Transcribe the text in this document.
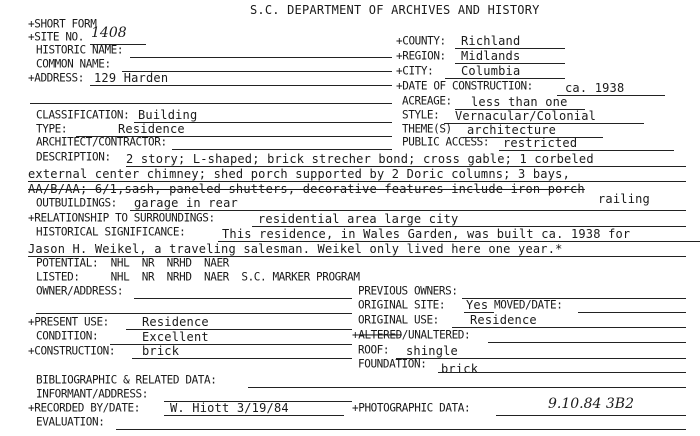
S.C. DEPARTMENT OF ARCHIVES AND HISTORY
+SHORT FORM
+SITE NO. 1408
HISTORIC NAME:
COMMON NAME:
+ADDRESS: 129 Harden
+COUNTY: Richland
+REGION: Midlands
+CITY: Columbia
+DATE OF CONSTRUCTION:	ca. 1938
ACREAGE: less than one
CLASSIFICATION: Building	STYLE: Vernacular/Colonial
TYPE:	Residence	THEME(S) architecture
ARCHITECT/CONTRACTOR:	PUBLIC ACCESS: restricted
DESCRIPTION: 2 story; L-shaped; brick strecher bond; cross gable; 1 corbeled
external center chimney; shed porch supported by 2 Doric columns; 3 bays,
AA/B/AA; 6/1,sash, paneled shutters, decorative features include iron porch
railing
OUTBUILDINGS: garage in rear
+RELATIONSHIP TO SURROUNDINGS:	residential area large city
HISTORICAL SIGNIFICANCE:	This residence, in Wales Garden, was built ca. 1938 for
Jason H. Weikel, a traveling salesman. Weikel only lived here one year.*
POTENTIAL:  NHL  NR  NRHD  NAER
LISTED:     NHL  NR  NRHD  NAER  S.C. MARKER PROGRAM
OWNER/ADDRESS:	PREVIOUS OWNERS:
ORIGINAL SITE: Yes MOVED/DATE:
ORIGINAL USE:	Residence
+PRESENT USE:	Residence
CONDITION:	Excellent	+ALTERED/UNALTERED:
+CONSTRUCTION: brick	ROOF: shingle
FOUNDATION: brick
BIBLIOGRAPHIC & RELATED DATA:
INFORMANT/ADDRESS:
+RECORDED BY/DATE: W. Hiott 3/19/84	+PHOTOGRAPHIC DATA:	9.10.84 3B2
EVALUATION:
